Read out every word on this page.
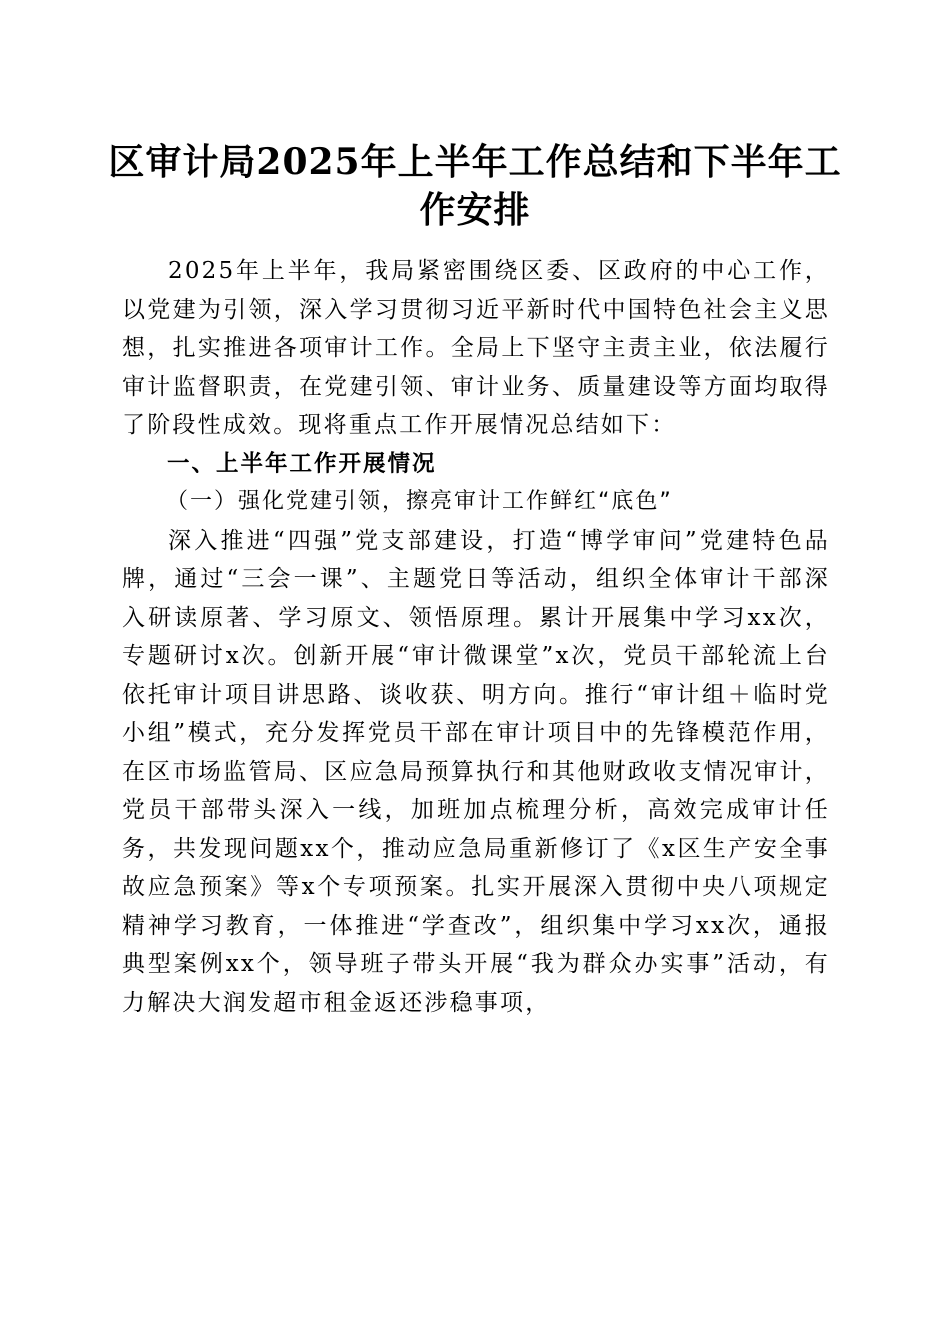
区审计局2025年上半年工作总结和下半年工作安排

2025年上半年，我局紧密围绕区委、区政府的中心工作，以党建为引领，深入学习贯彻习近平新时代中国特色社会主义思想，扎实推进各项审计工作。全局上下坚守主责主业，依法履行审计监督职责，在党建引领、审计业务、质量建设等方面均取得了阶段性成效。现将重点工作开展情况总结如下：

一、上半年工作开展情况

（一）强化党建引领，擦亮审计工作鲜红“底色”

深入推进“四强”党支部建设，打造“博学审问”党建特色品牌，通过“三会一课”、主题党日等活动，组织全体审计干部深入研读原著、学习原文、领悟原理。累计开展集中学习xx次，专题研讨x次。创新开展“审计微课堂”x次，党员干部轮流上台依托审计项目讲思路、谈收获、明方向。推行“审计组＋临时党小组”模式，充分发挥党员干部在审计项目中的先锋模范作用，在区市场监管局、区应急局预算执行和其他财政收支情况审计，党员干部带头深入一线，加班加点梳理分析，高效完成审计任务，共发现问题xx个，推动应急局重新修订了《x区生产安全事故应急预案》等x个专项预案。扎实开展深入贯彻中央八项规定精神学习教育，一体推进“学查改”，组织集中学习xx次，通报典型案例xx个，领导班子带头开展“我为群众办实事”活动，有力解决大润发超市租金返还涉稳事项，
